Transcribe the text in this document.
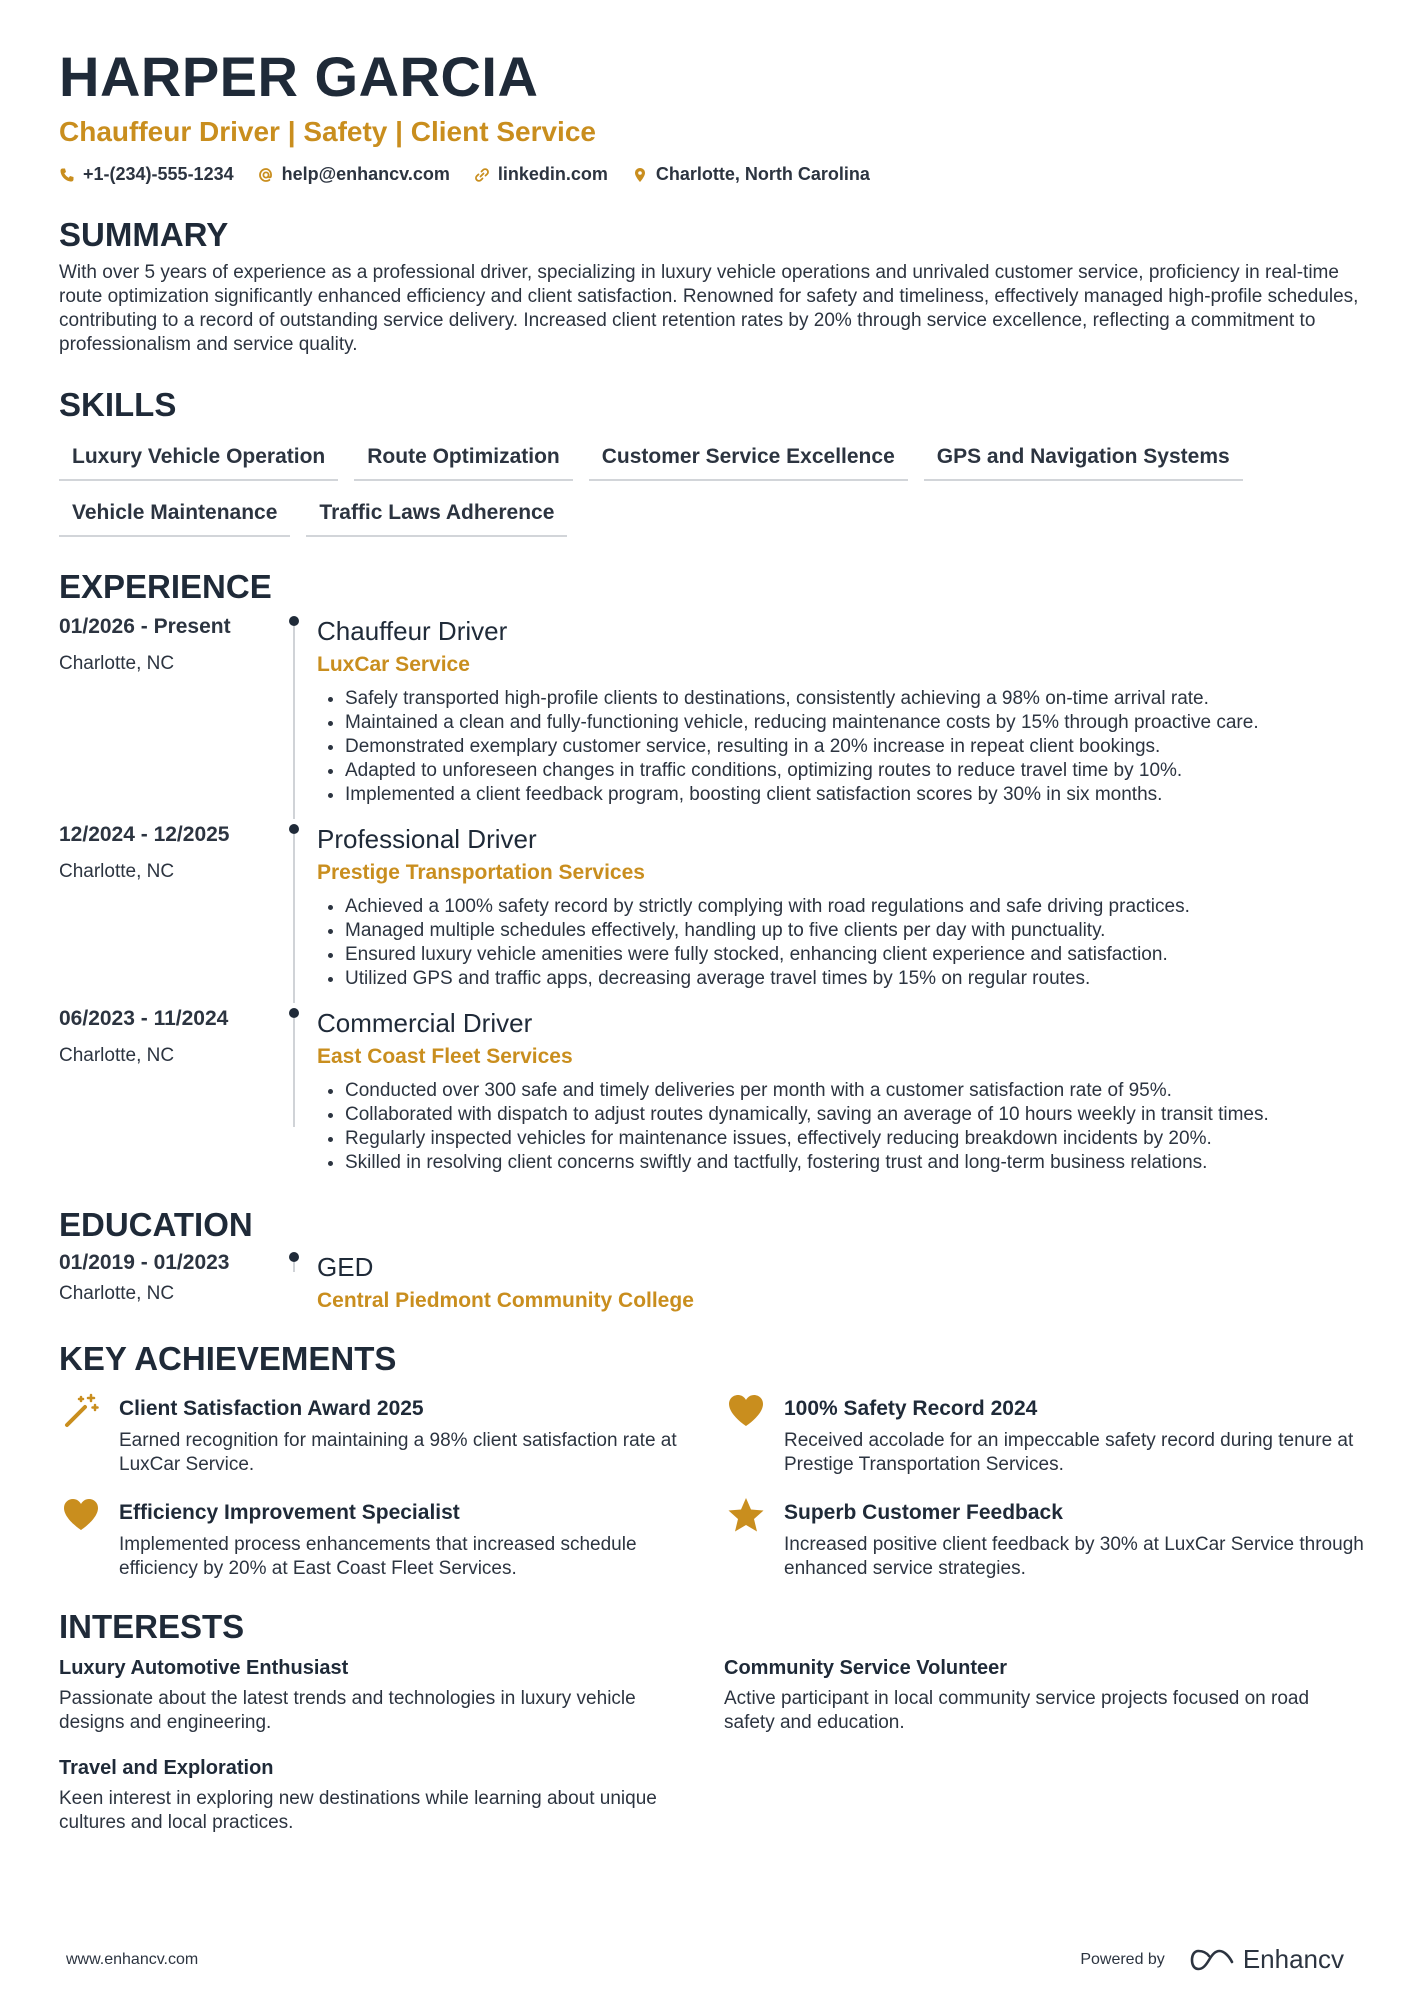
HARPER GARCIA
Chauffeur Driver | Safety | Client Service
+1-(234)-555-1234	help@enhancv.com	linkedin.com	Charlotte, North Carolina
SUMMARY
With over 5 years of experience as a professional driver, specializing in luxury vehicle operations and unrivaled customer service, proficiency in real-time route optimization significantly enhanced efficiency and client satisfaction. Renowned for safety and timeliness, effectively managed high-profile schedules, contributing to a record of outstanding service delivery. Increased client retention rates by 20% through service excellence, reflecting a commitment to professionalism and service quality.
SKILLS
Luxury Vehicle Operation	Route Optimization	Customer Service Excellence	GPS and Navigation Systems
Vehicle Maintenance	Traffic Laws Adherence
EXPERIENCE
01/2026 - Present
Charlotte, NC
Chauffeur Driver
LuxCar Service
• Safely transported high-profile clients to destinations, consistently achieving a 98% on-time arrival rate.
• Maintained a clean and fully-functioning vehicle, reducing maintenance costs by 15% through proactive care.
• Demonstrated exemplary customer service, resulting in a 20% increase in repeat client bookings.
• Adapted to unforeseen changes in traffic conditions, optimizing routes to reduce travel time by 10%.
• Implemented a client feedback program, boosting client satisfaction scores by 30% in six months.
12/2024 - 12/2025
Charlotte, NC
Professional Driver
Prestige Transportation Services
• Achieved a 100% safety record by strictly complying with road regulations and safe driving practices.
• Managed multiple schedules effectively, handling up to five clients per day with punctuality.
• Ensured luxury vehicle amenities were fully stocked, enhancing client experience and satisfaction.
• Utilized GPS and traffic apps, decreasing average travel times by 15% on regular routes.
06/2023 - 11/2024
Charlotte, NC
Commercial Driver
East Coast Fleet Services
• Conducted over 300 safe and timely deliveries per month with a customer satisfaction rate of 95%.
• Collaborated with dispatch to adjust routes dynamically, saving an average of 10 hours weekly in transit times.
• Regularly inspected vehicles for maintenance issues, effectively reducing breakdown incidents by 20%.
• Skilled in resolving client concerns swiftly and tactfully, fostering trust and long-term business relations.
EDUCATION
01/2019 - 01/2023
Charlotte, NC
GED
Central Piedmont Community College
KEY ACHIEVEMENTS
Client Satisfaction Award 2025
Earned recognition for maintaining a 98% client satisfaction rate at LuxCar Service.
100% Safety Record 2024
Received accolade for an impeccable safety record during tenure at Prestige Transportation Services.
Efficiency Improvement Specialist
Implemented process enhancements that increased schedule efficiency by 20% at East Coast Fleet Services.
Superb Customer Feedback
Increased positive client feedback by 30% at LuxCar Service through enhanced service strategies.
INTERESTS
Luxury Automotive Enthusiast
Passionate about the latest trends and technologies in luxury vehicle designs and engineering.
Community Service Volunteer
Active participant in local community service projects focused on road safety and education.
Travel and Exploration
Keen interest in exploring new destinations while learning about unique cultures and local practices.
www.enhancv.com	Powered by	Enhancv
